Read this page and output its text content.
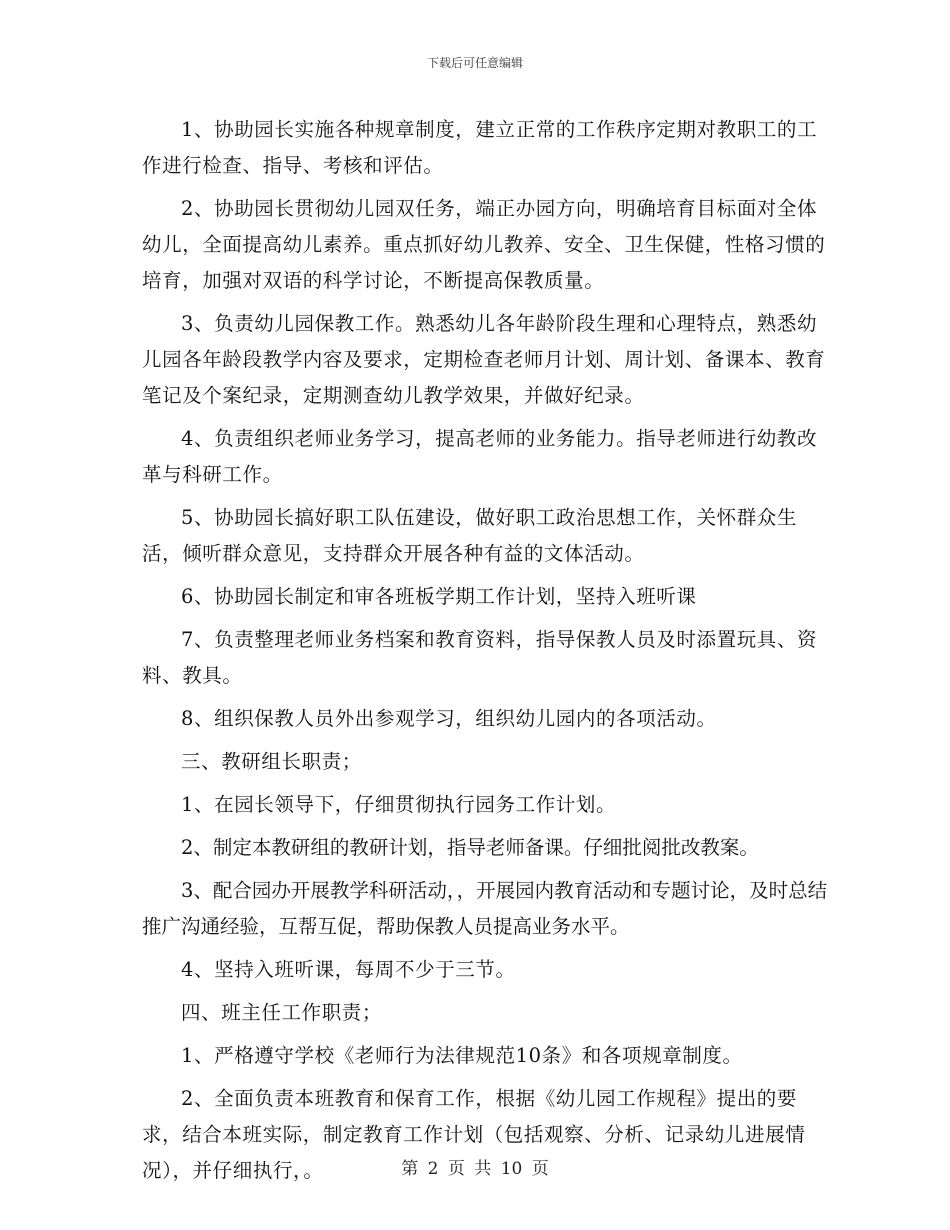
下载后可任意编辑

1、协助园长实施各种规章制度，建立正常的工作秩序定期对教职工的工作进行检查、指导、考核和评估。

2、协助园长贯彻幼儿园双任务，端正办园方向，明确培育目标面对全体幼儿，全面提高幼儿素养。重点抓好幼儿教养、安全、卫生保健，性格习惯的培育，加强对双语的科学讨论，不断提高保教质量。

3、负责幼儿园保教工作。熟悉幼儿各年龄阶段生理和心理特点，熟悉幼儿园各年龄段教学内容及要求，定期检查老师月计划、周计划、备课本、教育笔记及个案纪录，定期测查幼儿教学效果，并做好纪录。

4、负责组织老师业务学习，提高老师的业务能力。指导老师进行幼教改革与科研工作。

5、协助园长搞好职工队伍建设，做好职工政治思想工作，关怀群众生活，倾听群众意见，支持群众开展各种有益的文体活动。

6、协助园长制定和审各班板学期工作计划，坚持入班听课

7、负责整理老师业务档案和教育资料，指导保教人员及时添置玩具、资料、教具。

8、组织保教人员外出参观学习，组织幼儿园内的各项活动。

三、教研组长职责；

1、在园长领导下，仔细贯彻执行园务工作计划。

2、制定本教研组的教研计划，指导老师备课。仔细批阅批改教案。

3、配合园办开展教学科研活动，，开展园内教育活动和专题讨论，及时总结推广沟通经验，互帮互促，帮助保教人员提高业务水平。

4、坚持入班听课，每周不少于三节。

四、班主任工作职责；

1、严格遵守学校《老师行为法律规范10条》和各项规章制度。

2、全面负责本班教育和保育工作，根据《幼儿园工作规程》提出的要求，结合本班实际，制定教育工作计划（包括观察、分析、记录幼儿进展情况），并仔细执行，。	第 2 页 共 10 页
